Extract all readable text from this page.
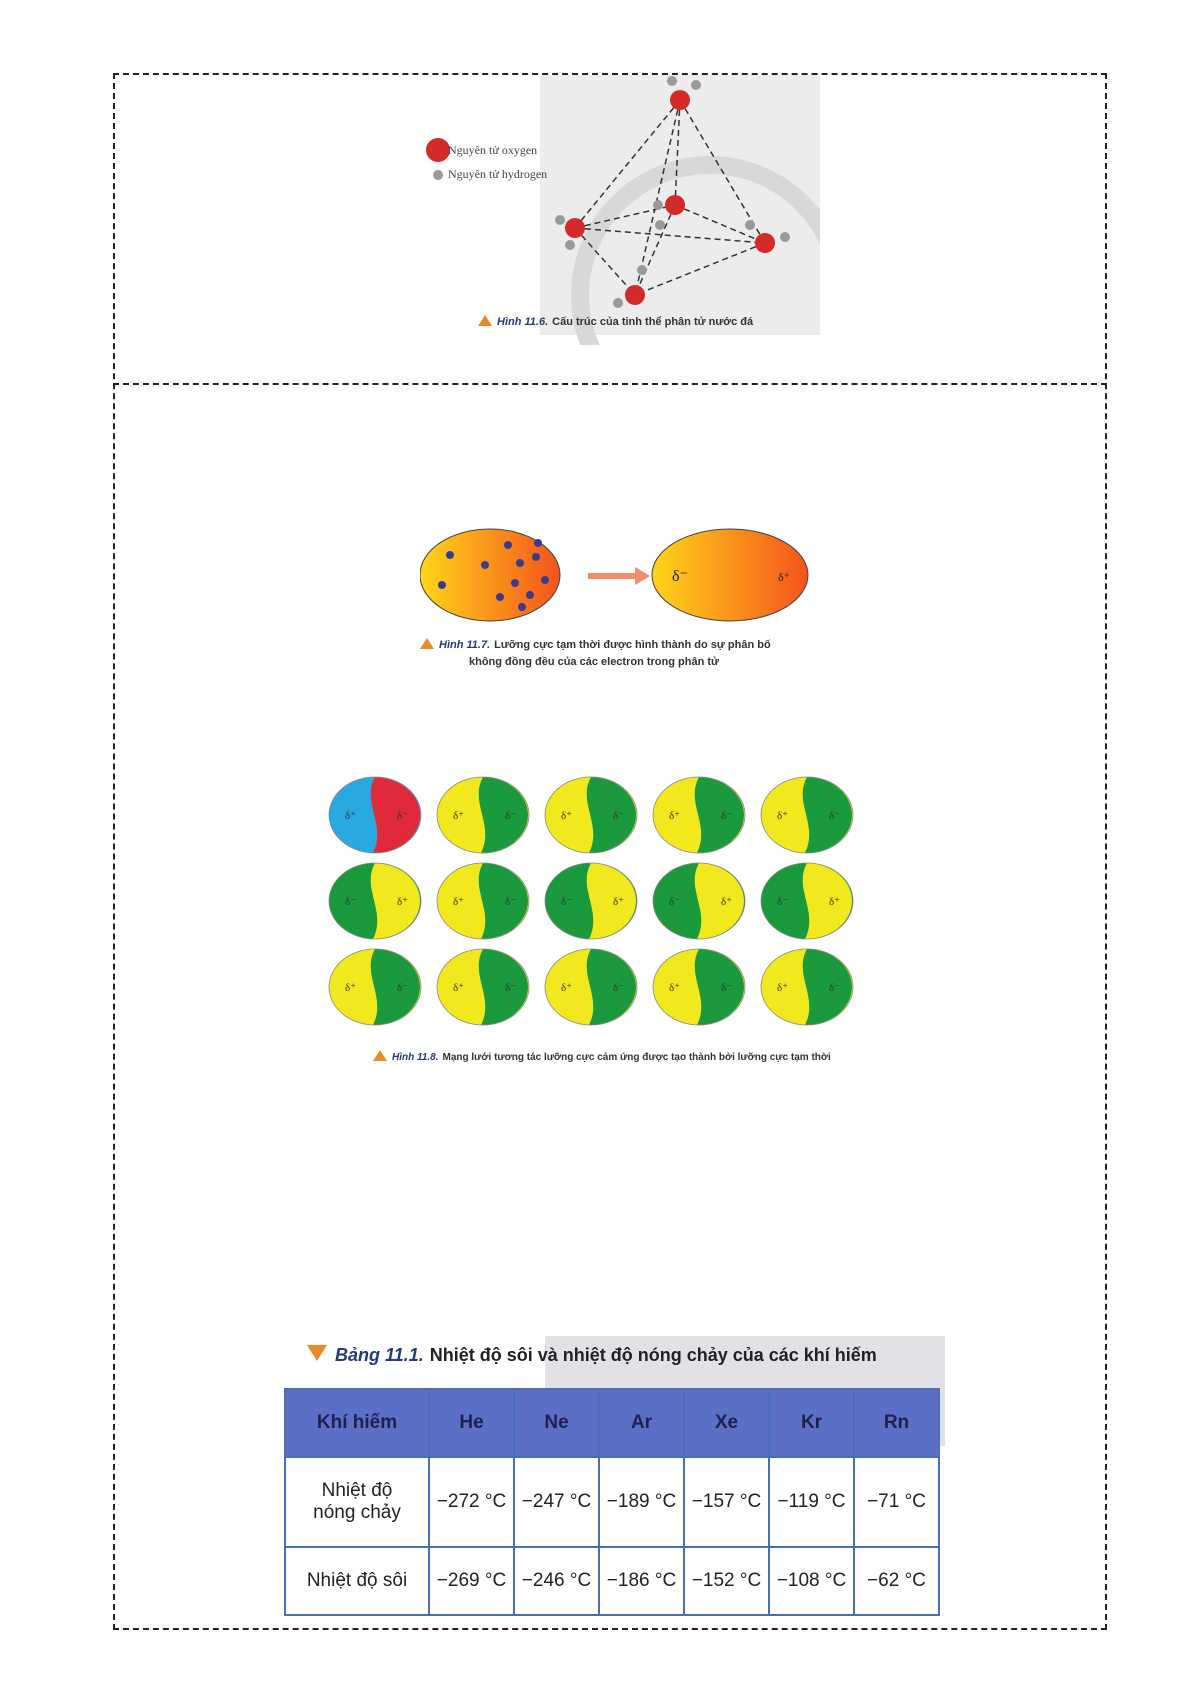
Nguyên tử oxygen
Nguyên tử hydrogen
Hình 11.6. Cấu trúc của tinh thể phân tử nước đá
δ⁻	δ⁺
Hình 11.7. Lưỡng cực tạm thời được hình thành do sự phân bố
không đồng đều của các electron trong phân tử
δ⁺	δ⁻	δ⁺	δ⁻	δ⁺	δ⁻	δ⁺	δ⁻	δ⁺	δ⁻
δ⁻	δ⁺	δ⁺	δ⁻	δ⁻	δ⁺	δ⁻	δ⁺	δ⁻	δ⁺
δ⁺	δ⁻	δ⁺	δ⁻	δ⁺	δ⁻	δ⁺	δ⁻	δ⁺	δ⁻
Hình 11.8. Mạng lưới tương tác lưỡng cực cảm ứng được tạo thành bởi lưỡng cực tạm thời
Bảng 11.1. Nhiệt độ sôi và nhiệt độ nóng chảy của các khí hiếm
Khí hiếm	He	Ne	Ar	Xe	Kr	Rn

Nhiệt độ
nóng chảy	−272 °C	−247 °C	−189 °C	−157 °C	−119 °C	−71 °C
Nhiệt độ sôi	−269 °C	−246 °C	−186 °C	−152 °C	−108 °C	−62 °C
